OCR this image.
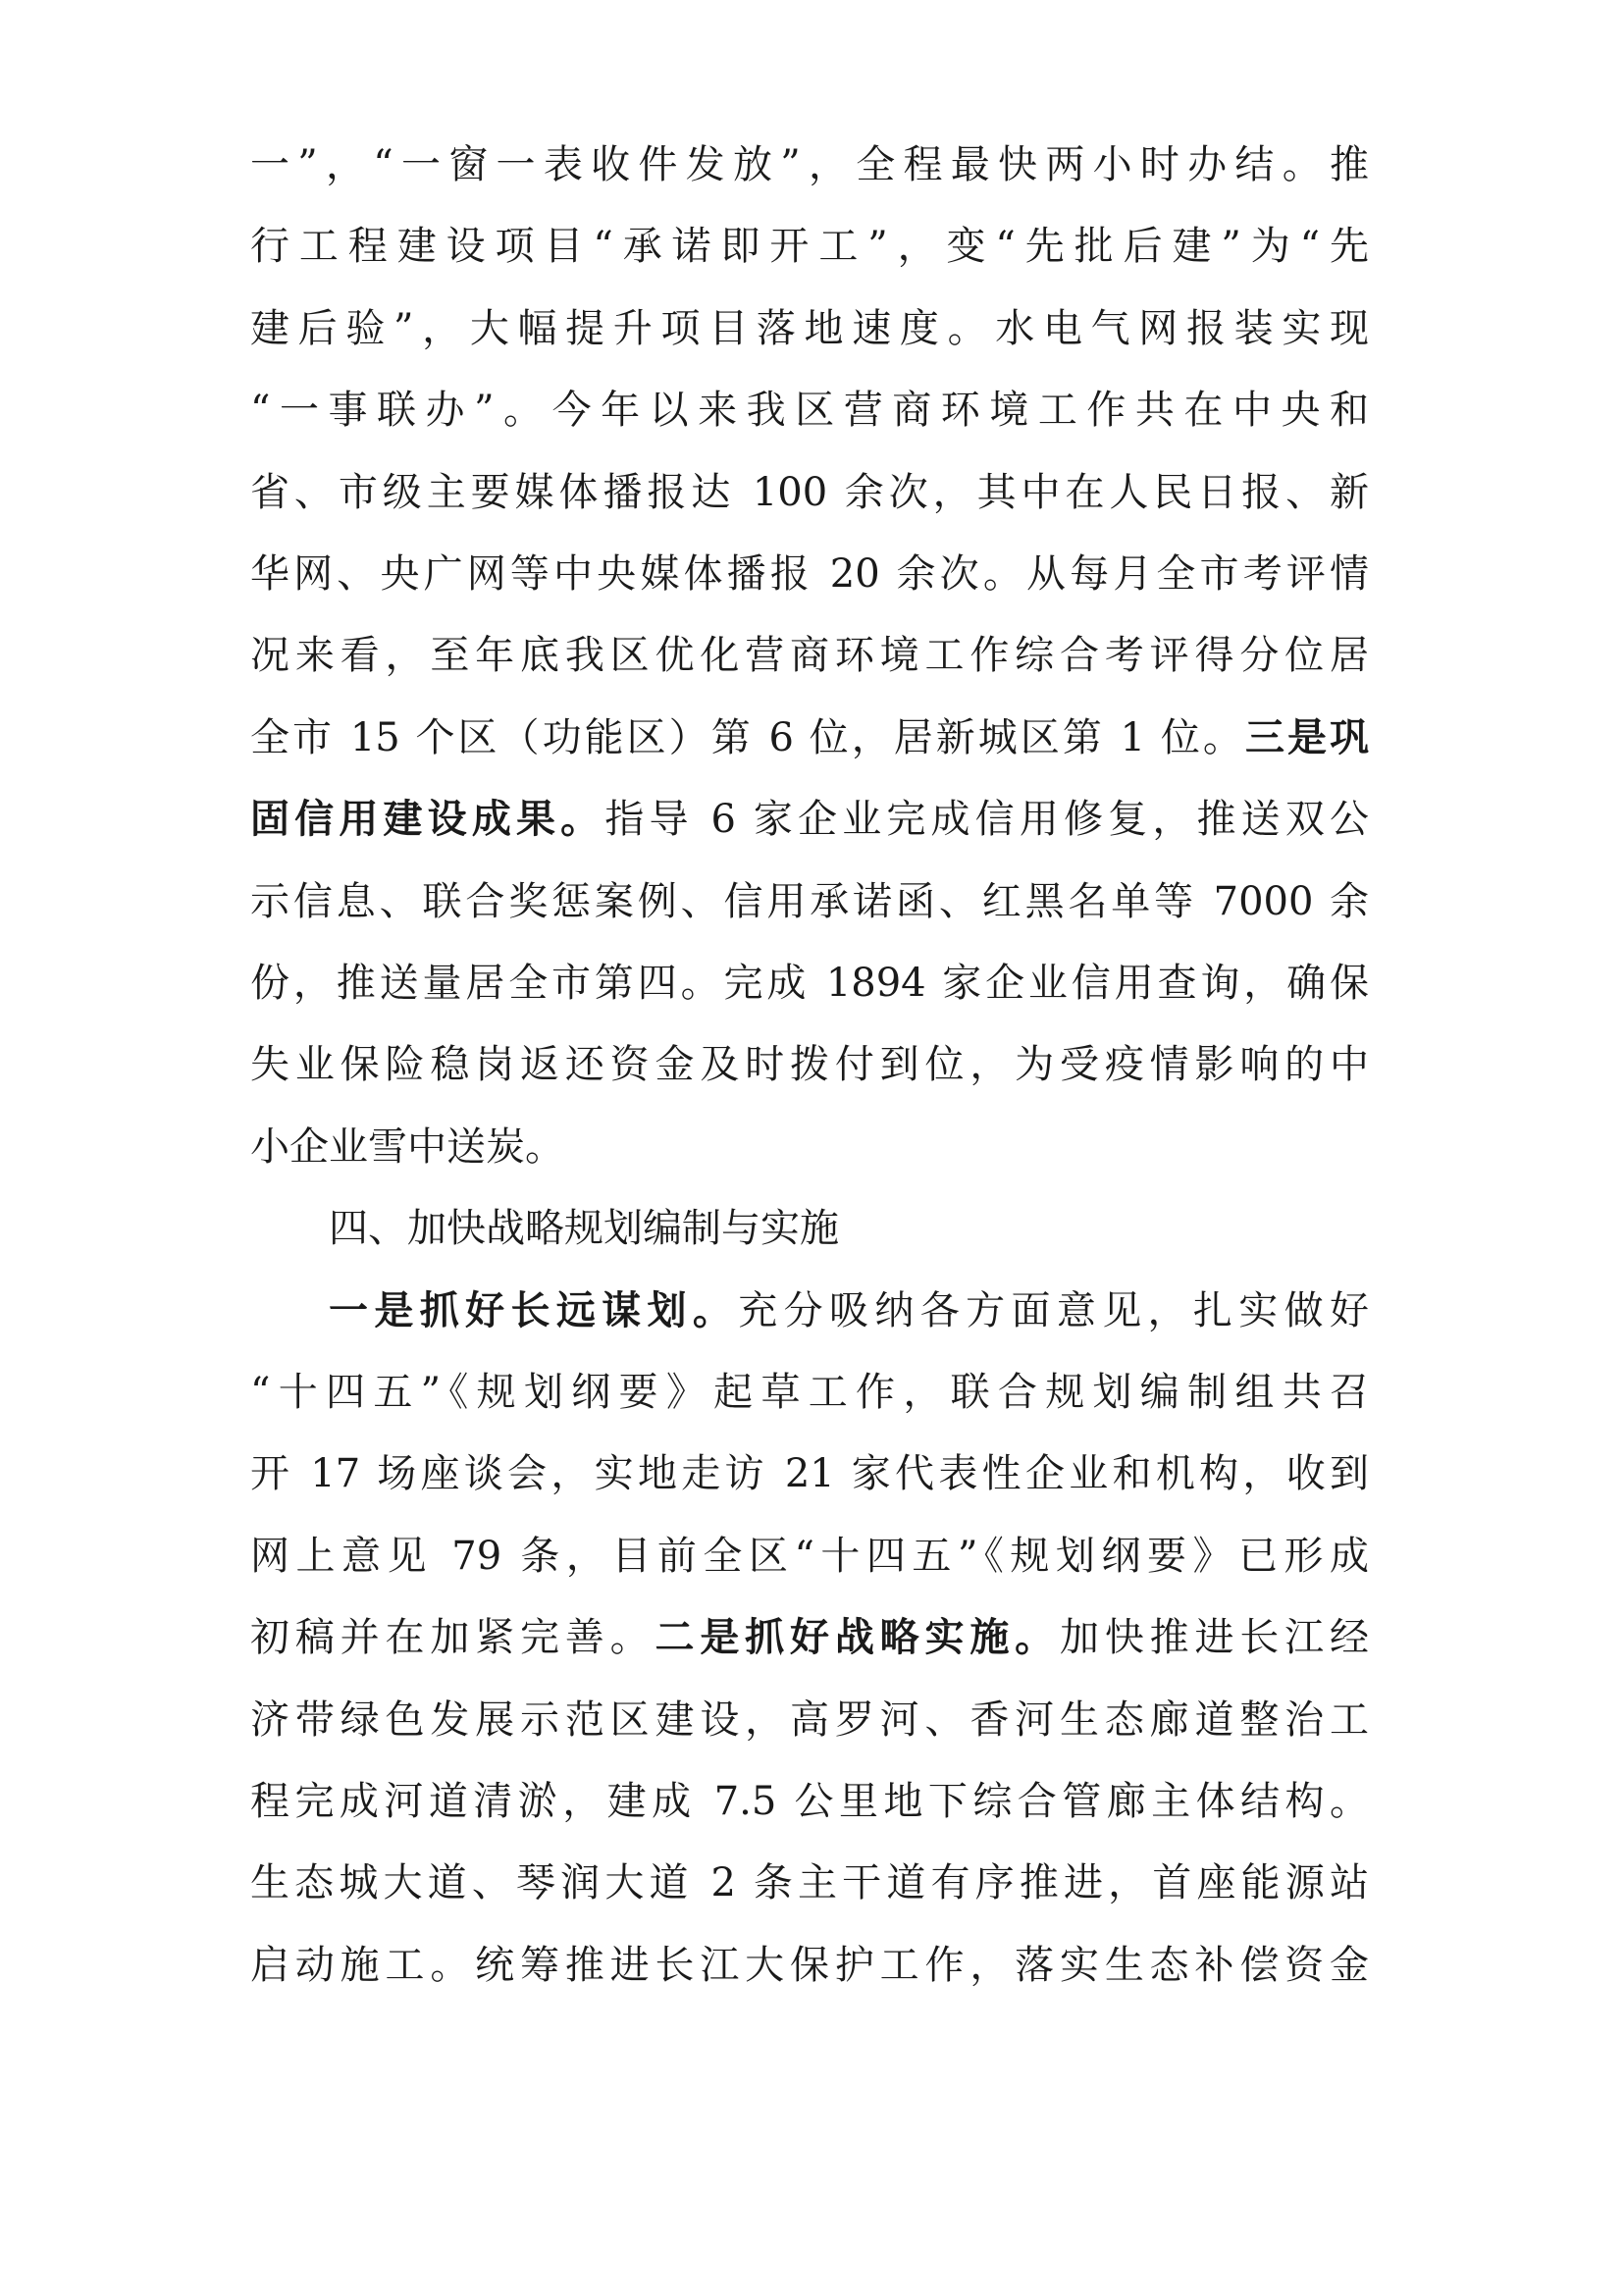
一”，“一窗一表收件发放”，全程最快两小时办结。推
行工程建设项目“承诺即开工”，变“先批后建”为“先
建后验”，大幅提升项目落地速度。水电气网报装实现
“一事联办”。今年以来我区营商环境工作共在中央和
省、市级主要媒体播报达 100 余次，其中在人民日报、新
华网、央广网等中央媒体播报 20 余次。从每月全市考评情
况来看，至年底我区优化营商环境工作综合考评得分位居
全市 15 个区（功能区）第 6 位，居新城区第 1 位。三是巩
固信用建设成果。指导 6 家企业完成信用修复，推送双公
示信息、联合奖惩案例、信用承诺函、红黑名单等 7000 余
份，推送量居全市第四。完成 1894 家企业信用查询，确保
失业保险稳岗返还资金及时拨付到位，为受疫情影响的中
小企业雪中送炭。
四、加快战略规划编制与实施
一是抓好长远谋划。充分吸纳各方面意见，扎实做好
“十四五”《规划纲要》起草工作，联合规划编制组共召
开 17 场座谈会，实地走访 21 家代表性企业和机构，收到
网上意见 79 条，目前全区“十四五”《规划纲要》已形成
初稿并在加紧完善。二是抓好战略实施。加快推进长江经
济带绿色发展示范区建设，高罗河、香河生态廊道整治工
程完成河道清淤，建成 7.5 公里地下综合管廊主体结构。
生态城大道、琴润大道 2 条主干道有序推进，首座能源站
启动施工。统筹推进长江大保护工作，落实生态补偿资金
